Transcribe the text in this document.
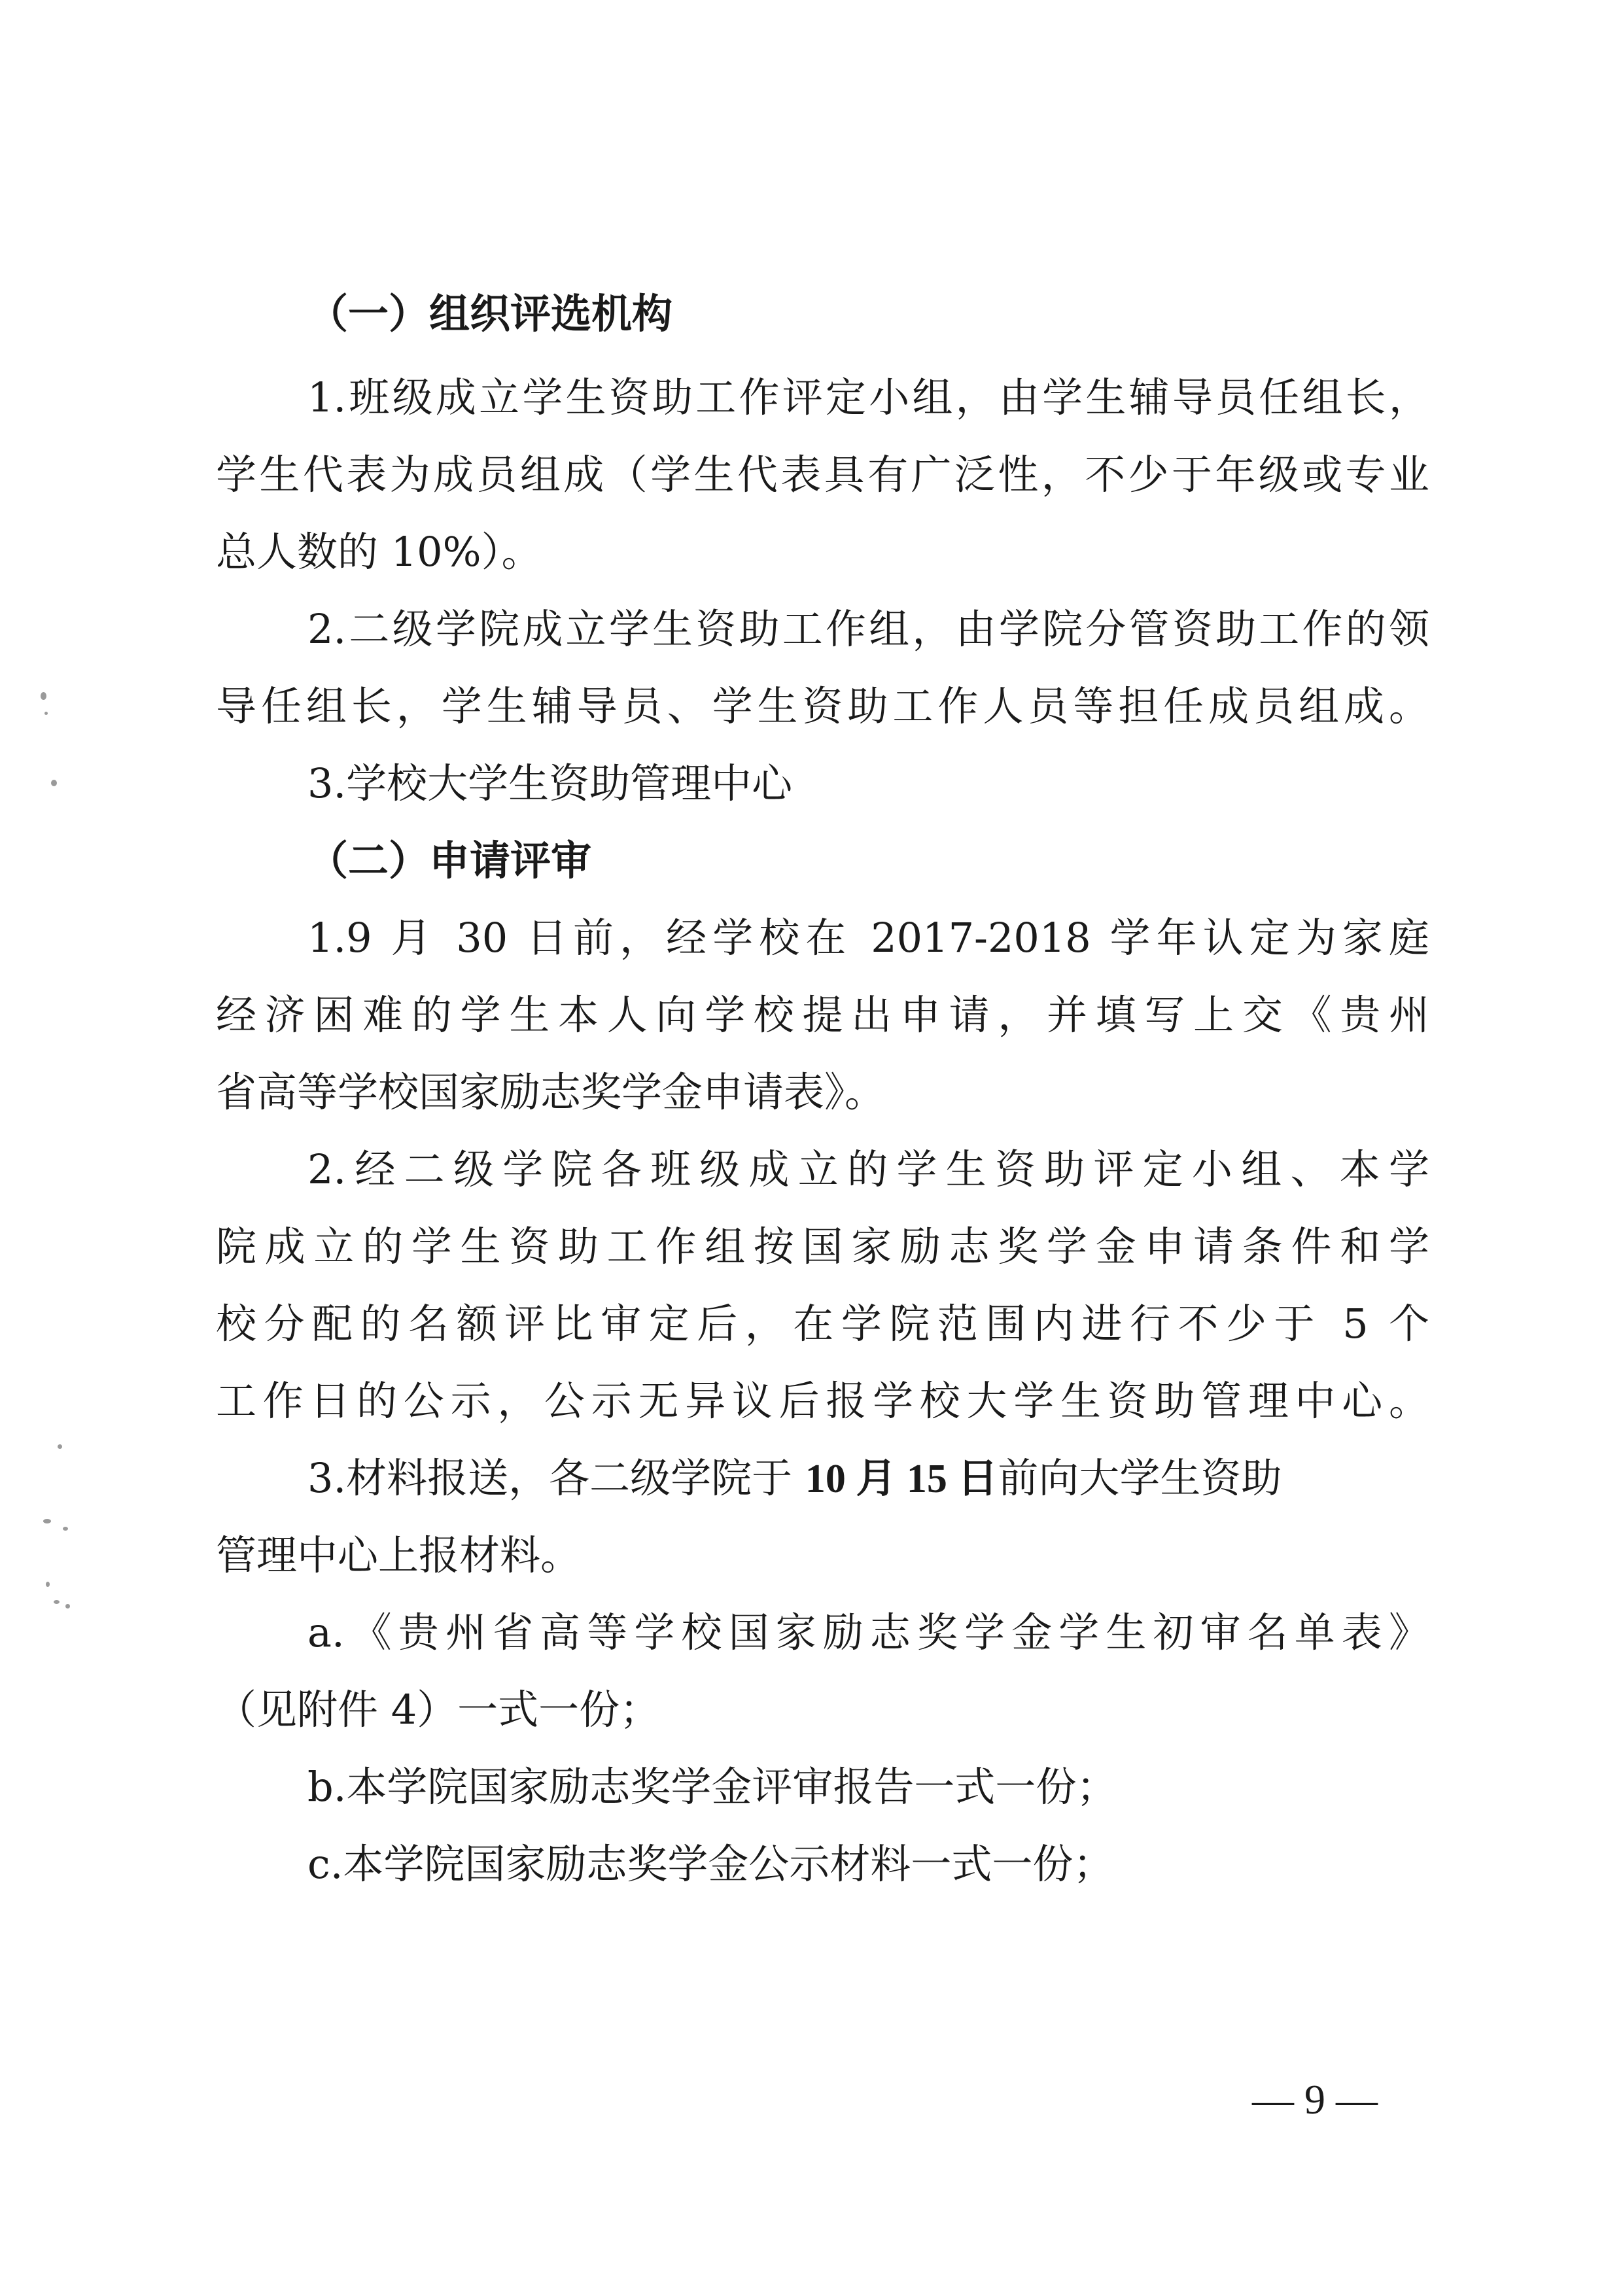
（一）组织评选机构
1.班级成立学生资助工作评定小组，由学生辅导员任组长，
学生代表为成员组成（学生代表具有广泛性，不少于年级或专业
总人数的 10%）。
2.二级学院成立学生资助工作组，由学院分管资助工作的领
导任组长，学生辅导员、学生资助工作人员等担任成员组成。
3.学校大学生资助管理中心
（二）申请评审
1.9 月 30 日前，经学校在 2017-2018 学年认定为家庭
经济困难的学生本人向学校提出申请，并填写上交《贵州
省高等学校国家励志奖学金申请表》。
2.经二级学院各班级成立的学生资助评定小组、本学
院成立的学生资助工作组按国家励志奖学金申请条件和学
校分配的名额评比审定后，在学院范围内进行不少于 5 个
工作日的公示，公示无异议后报学校大学生资助管理中心。
3.材料报送，各二级学院于 10 月 15 日前向大学生资助
管理中心上报材料。
a.《贵州省高等学校国家励志奖学金学生初审名单表》
（见附件 4）一式一份；
b.本学院国家励志奖学金评审报告一式一份；
c.本学院国家励志奖学金公示材料一式一份；
— 9 —
